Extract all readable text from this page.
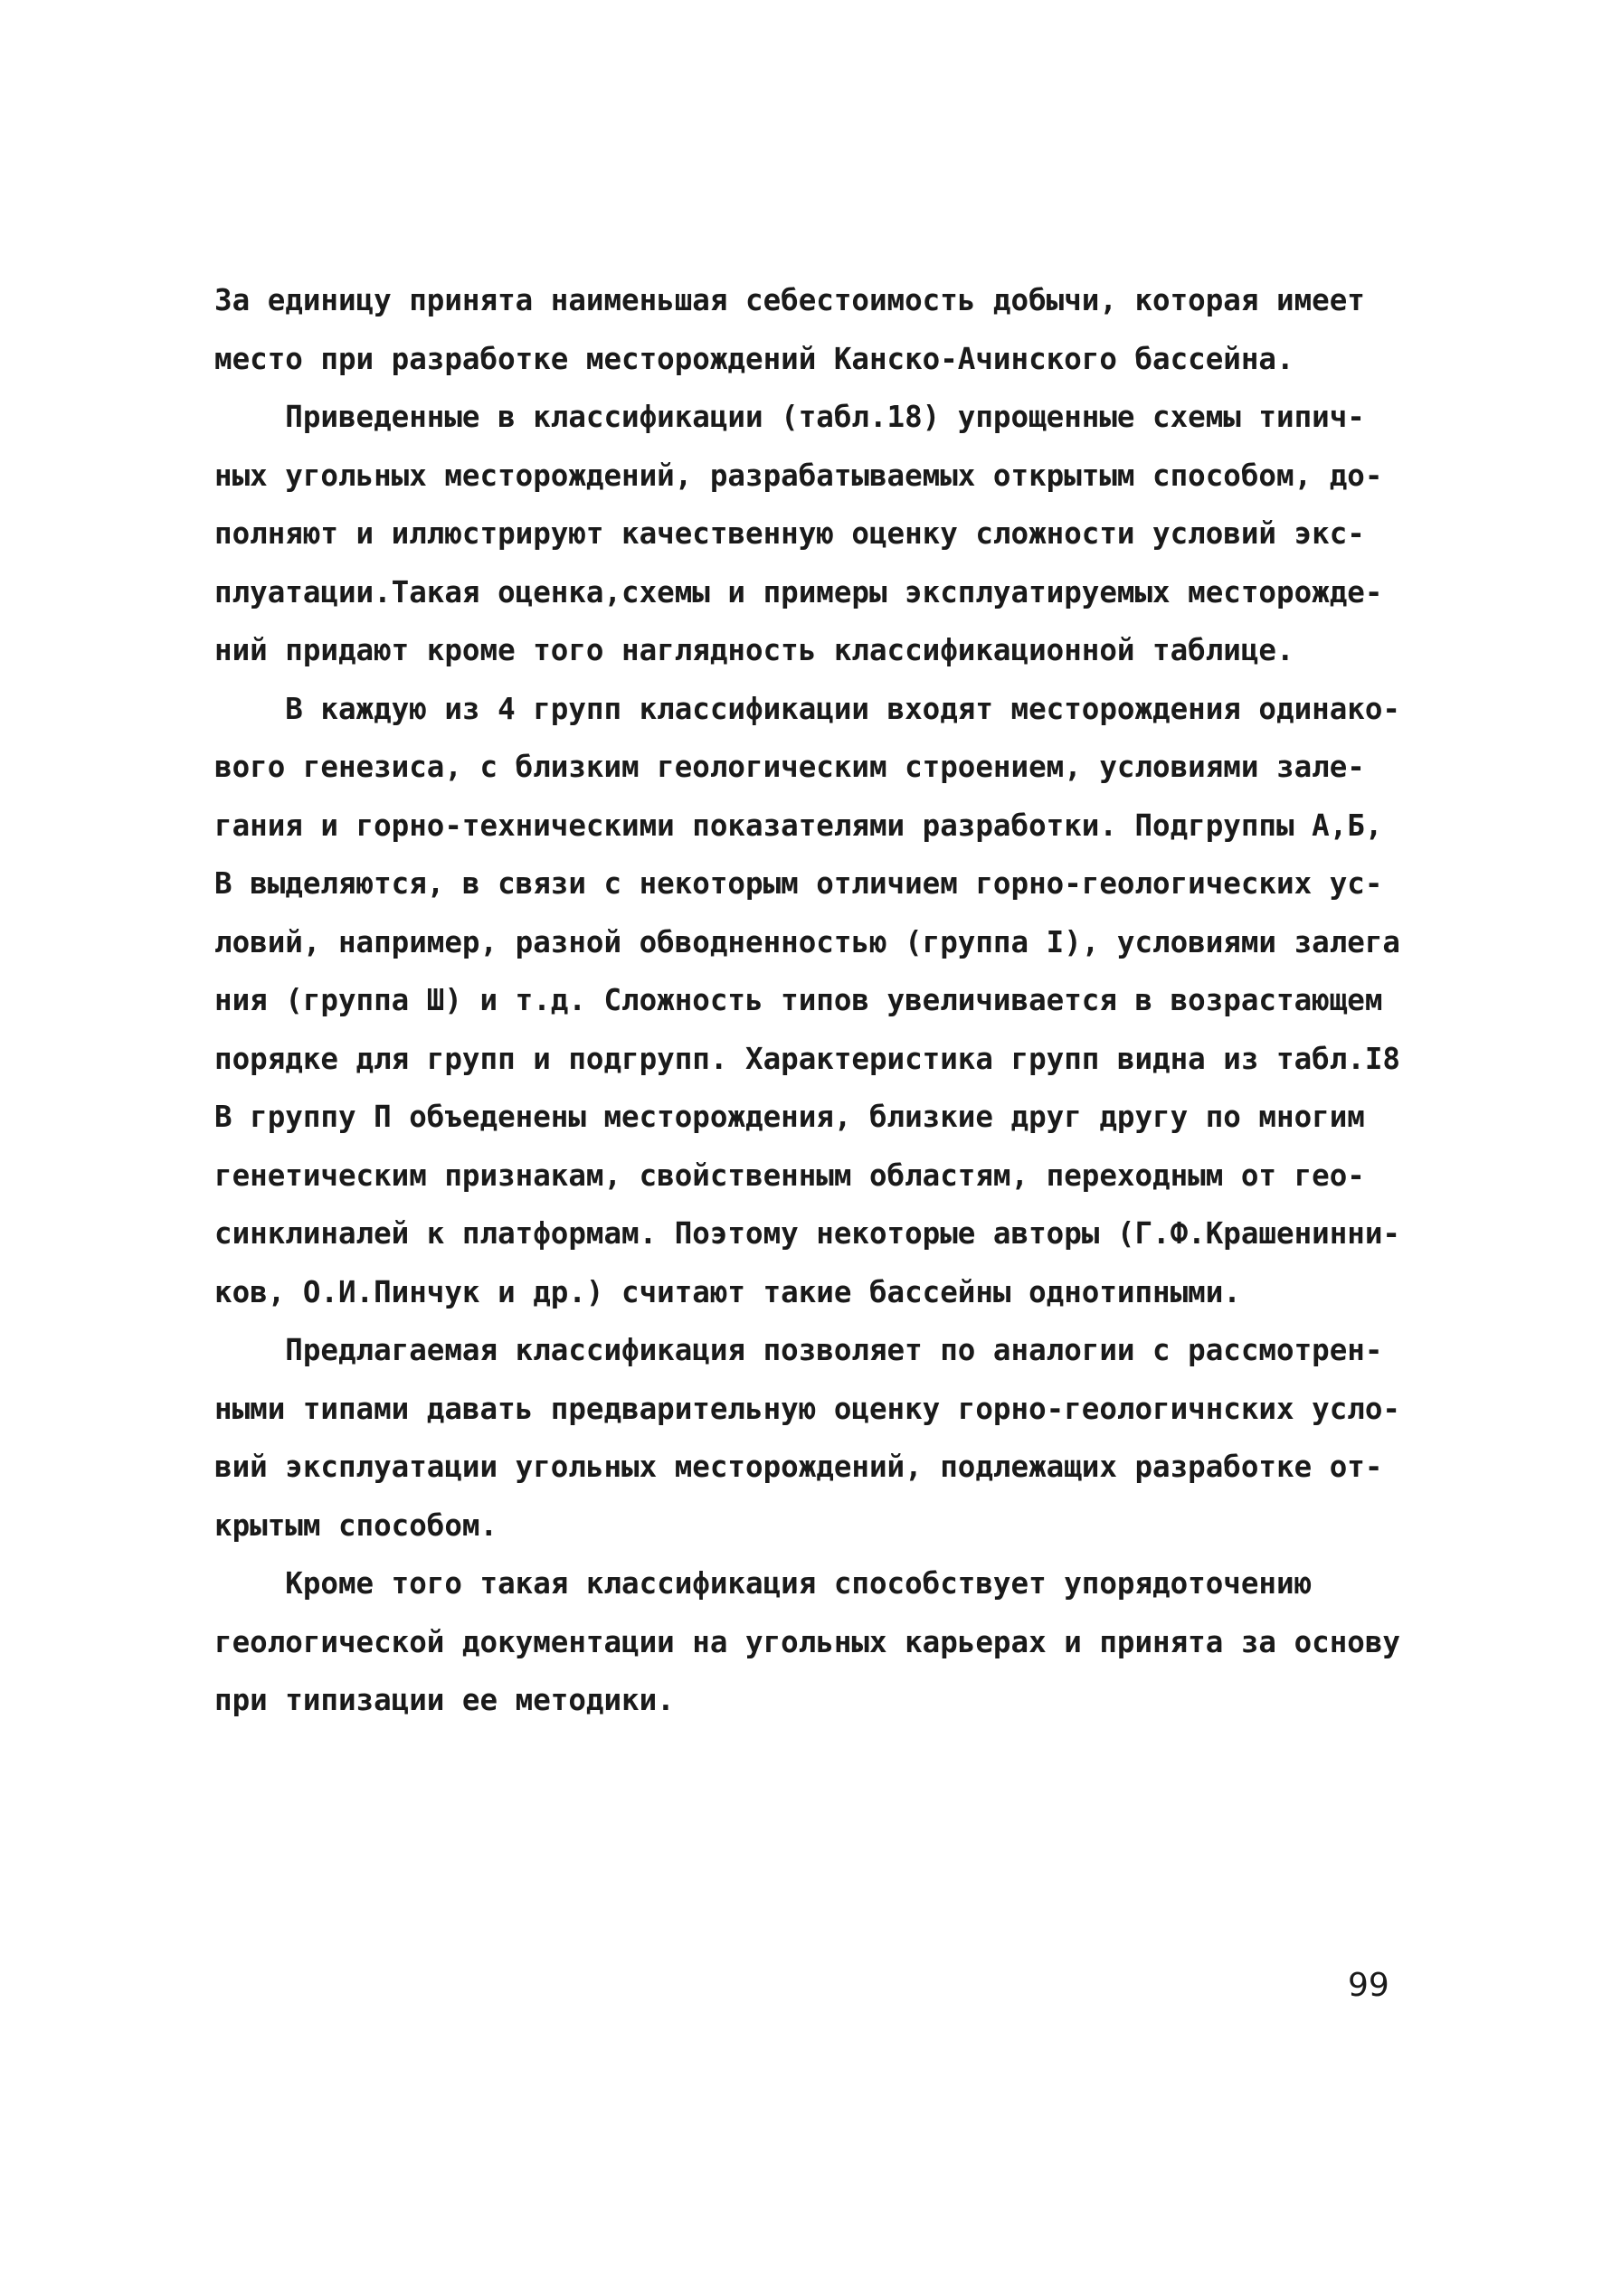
За единицу принята наименьшая себестоимость добычи, которая имеет
место при разработке месторождений Канско-Ачинского бассейна.
Приведенные в классификации (табл.18) упрощенные схемы типич-
ных угольных месторождений, разрабатываемых открытым способом, до-
полняют и иллюстрируют качественную оценку сложности условий экс-
плуатации.Такая оценка,схемы и примеры эксплуатируемых месторожде-
ний придают кроме того наглядность классификационной таблице.
В каждую из 4 групп классификации входят месторождения одинако-
вого генезиса, с близким геологическим строением, условиями зале-
гания и горно-техническими показателями разработки. Подгруппы А,Б,
В выделяются, в связи с некоторым отличием горно-геологических ус-
ловий, например, разной обводненностью (группа I), условиями залега
ния (группа Ш) и т.д. Сложность типов увеличивается в возрастающем
порядке для групп и подгрупп. Характеристика групп видна из табл.I8
В группу П объеденены месторождения, близкие друг другу по многим
генетическим признакам, свойственным областям, переходным от гео-
синклиналей к платформам. Поэтому некоторые авторы (Г.Ф.Крашенинни-
ков, О.И.Пинчук и др.) считают такие бассейны однотипными.
Предлагаемая классификация позволяет по аналогии с рассмотрен-
ными типами давать предварительную оценку горно-геологичнских усло-
вий эксплуатации угольных месторождений, подлежащих разработке от-
крытым способом.
Кроме того такая классификация способствует упорядоточению
геологической документации на угольных карьерах и принята за основу
при типизации ее методики.
99
